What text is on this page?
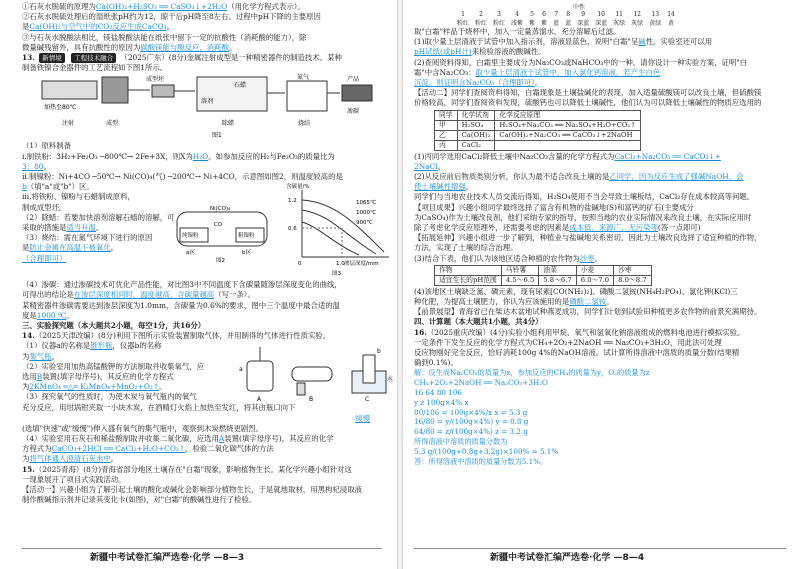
①石灰水脱硫的原理为Ca(OH)₂+H₂SO₃ ══ CaSO₃↓+2H₂O（用化学方程式表示）。
②石灰水脱硫处理后的湿纸张pH约为12，晾干后pH降至8左右。过程中pH下降的主要原因
是Ca(OH)₂与空气中的CO₂反应生成CaCO₃。
③与石灰水脱酸法相比，镁盐脱酸法能在纸张中留下一定的抗酸性（消耗酸的能力），除
微量碱残留外，具有抗酸性的原因为碳酸镁能与酸反应，消耗酸。
13. 新情境 工程技术融合 （2025广东）(8分)金属注射成型是一种精密器件的制造技术。某种
制备铁镍合金器件的工艺流程如下图1所示。
加热至80℃
注射	成型
成型坯
除蜡
溶剂
石蜡
氮气
烧结
产品
渗碳
图1
（1）原料制备
ⅰ.制铁粉：3H₂+Fe₂O₃ ─800℃→ 2Fe+3X，则X为H₂O。如参加反应的H₂与Fe₂O₃的质量比为
3：80。
ⅱ.制镍粉：Ni+4CO ─50℃→ Ni(CO)₄(气) ─200℃→ Ni+4CO，示意图如图2，则温度较高的是
b（填"a"或"b"）区。
ⅲ.将铁粉、镍粉与石蜡制成原料，
制成成型坯。
（2）除蜡：若要加快溶剂溶解石蜡的溶解，可
采取的措施是适当升温。
（3）烧结：需在氮气环境下进行的原因
是防止金属在高温下被氧化。
（合理即可）
Ni(CO)₄
CO
纯镍粉	粗镍粉
a区	b区
图2
含碳量/%
1.2
0.6
0	1.0
1065℃
1000℃
900℃
渗层深度/mm
图3
（4）渗碳：通过渗碳技术可优化产品性能，对比图3中不同温度下含碳量随渗层深度变化的曲线，
可得出的结论是在渗层深度相同时，温度越高，含碳量越高（写一条）。
某精密器件渗碳需要达到渗层深度为1.0mm，含碳量为0.6%的要求，图中三个温度中最合适的温
度是1000 ℃。
三、实验探究题（本大题共2小题，每空1分，共16分）
14.（2025天津改编）(8分)利用下图所示实验装置制取气体，并用制得的气体进行性质实验。
（1）仪器a的名称是锥形瓶，仪器b的名称
为集气瓶。
（2）实验室用加热高锰酸钾的方法制取并收集氧气，应
选用B装置(填字母序号)，其反应的化学方程式
为2KMnO₄ ═△═ K₂MnO₄+MnO₂+O₂↑。
（3）探究氧气的性质时，为使木炭与氧气瓶内的氧气
a
b
A	B	C
水
充分反应，用坩埚钳夹取一小块木炭，在酒精灯火焰上加热至发红，将其由瓶口向下
缓慢
(选填"快速"或"缓慢")伸入盛有氧气的集气瓶中，观察到木炭燃烧更剧烈。
（4）实验室用石灰石和稀盐酸制取并收集二氧化碳，应选用A装置(填字母序号)，其反应的化学
方程式为CaCO₃+2HCl ══ CaCl₂+H₂O+CO₂↑，检验二氧化碳气体的方法
为将气体通入澄清石灰水中。
15.（2025青海）(8分)青海省部分地区土壤存在"白霜"现象，影响植物生长。某化学兴趣小组针对这
一现象展开了项目式实践活动。
【活动一】兴趣小组为了解引起土壤的酸化或碱化会影响部分植物生长，于是就地取材，用黑枸杞浸取液
制作酸碱指示剂并记录其变化卡(如图)，对"白霜"的酸碱性进行了检验。
新疆中考试卷汇编严选卷·化学 —8—3
中性
1	2	3	4	5	6	7	8	9	10	11	12	13	14
粉红	粉红	粉红	浅紫	紫	紫	蓝	蓝	深蓝	深蓝	灰绿	灰绿	黄绿	黄
取"白霜"样品于烧杯中，加入一定量蒸馏水，充分溶解后过滤。
(1)取少量上层清液于试管中加入指示剂，溶液显蓝色，说明"白霜"呈碱性。实验室还可以用
pH试纸(或pH计)来检验溶液的酸碱性。
(2)查阅资料得知，白霜里主要成分为Na₂CO₃或NaHCO₃中的一种。请你设计一种实验方案，证明"白
霜"中含Na₂CO₃：取少量上层清液于试管中，加入氯化钙溶液，若产生白色
沉淀，则证明含Na₂CO₃（合理即可）。
【活动二】同学们查阅资料得知，白霜现象是土壤盐碱化的表现，加入适量硫酸镁可以改良土壤，但硫酸镁
价格较高，同学们查阅资料发现，硫酸钙也可以降低土壤碱性，他们认为可以降低土壤碱性的物质应选用的
同学	化学试剂	化学反应原理
甲	H₂SO₄	H₂SO₄+Na₂CO₃ ══ Na₂SO₄+H₂O+CO₂↑
乙	Ca(OH)₂	Ca(OH)₂+Na₂CO₃ ══ CaCO₃↓+2NaOH
丙	CaCl₂	
(1)丙同学选用CaCl₂降低土壤中Na₂CO₃含量的化学方程式为CaCl₂+Na₂CO₃ ══ CaCO₃↓+
2NaCl。
(2)从反应前后物质类别分析，你认为最不适合改良土壤的是乙同学，因为反应生成了强碱NaOH，会
使土壤碱性增强。
同学们与当地农业技术人员交流后得知，H₂SO₄使用不当会导致土壤板结，CaCl₂存在成本较高等问题。
【项目成果】兴趣小组同学最终选择了富含有机物的盐碱地(S)和富钙的矿石(主要成分
为CaSO₄)作为土壤改良剂，他们采纳专家的指导，按照当地的农业实际情况来改良土壤，在实际应用时
除了考虑化学反应原理外，还需要考虑的因素是成本低、来源广、无污染等(答一点即可)
【拓展延伸】兴趣小组进一步了解到，种植业与盐碱地关系密切，因此为土壤改良选择了适宜种植的作物，
方法，实现了土壤的综合治理。
(3)结合下表，他们认为该地区适合种植的农作物为沙枣。
作物	马铃薯	油菜	小麦	沙枣
适宜生长的pH范围	4.5～6.5	5.8～6.7	6.0～7.0	8.0～8.7
(4)该地区土壤缺乏氮、磷元素，现有尿素[CO(NH₂)₂]、磷酸二氢铵(NH₄H₂PO₄)、氯化钾(KCl)三
种化肥，为提高土壤肥力，你认为应该施用的是磷酸二氢铵。
【前景展望】青海省已在柴达木盆地试种燕麦成功，同学们计划到试验田种植更多农作物的前景充满期待。
四、计算题（本大题共1小题，共4分）
16.（2025重庆改编）(4分)实验小组利用甲烷、氧气和氢氧化钠溶液组成的燃料电池进行模拟实验。
一定条件下发生反应的化学方程式为CH₄+2O₂+2NaOH ══ Na₂CO₃+3H₂O，用此法可处理
反应物刚好完全反应，恰好消耗100g 4%的NaOH溶液。试计算所得溶液中溶质的质量分数(结果精
确到0.1%)。
解：设生成Na₂CO₃的质量为x，参加反应的CH₄的质量为y，O₂的质量为z
CH₄+2O₂+2NaOH ══ Na₂CO₃+3H₂O
16 64 80 106
y z 100g×4% x
80/106 = 100g×4%/x x = 5.3 g
16/80 = y/(100g×4%) y = 0.8 g
64/80 = z/(100g×4%) z = 3.2 g
所得溶液中溶质的质量分数为
5.3 g/(100g+0.8g+3.2g)×100% ≈ 5.1%
答：所得溶液中溶质的质量分数为5.1%。
新疆中考试卷汇编严选卷·化学 —8—4
